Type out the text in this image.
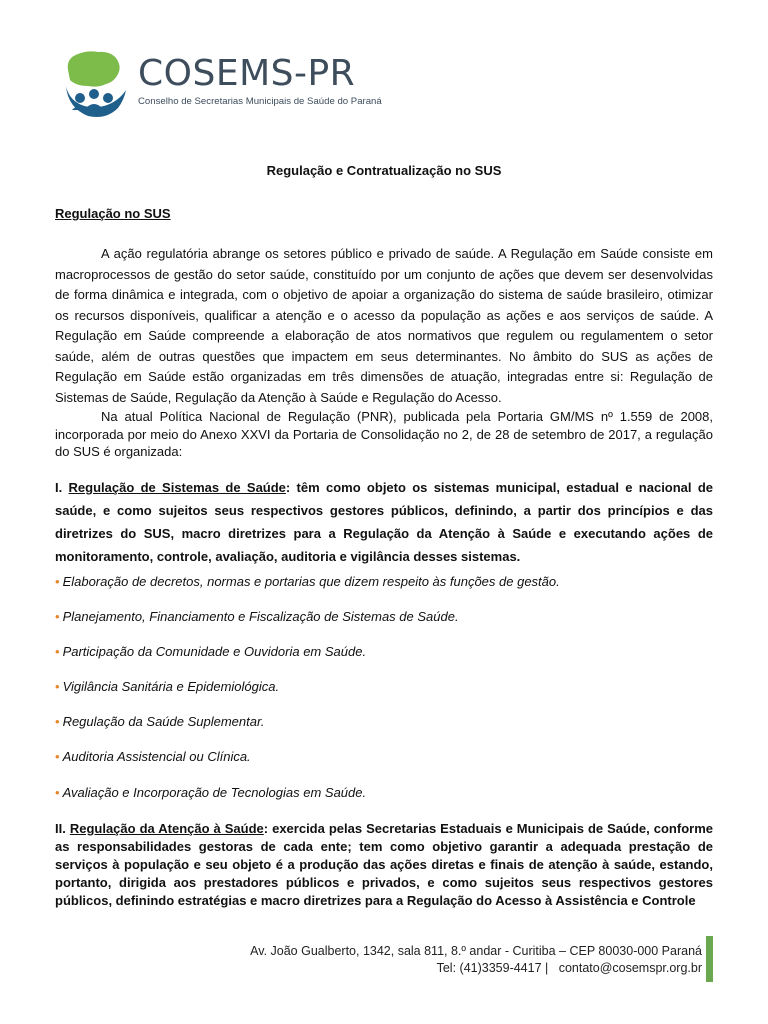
COSEMS-PR
Conselho de Secretarias Municipais de Saúde do Paraná
Regulação e Contratualização no SUS
Regulação no SUS

A ação regulatória abrange os setores público e privado de saúde. A Regulação em Saúde consiste em macroprocessos de gestão do setor saúde, constituído por um conjunto de ações que devem ser desenvolvidas de forma dinâmica e integrada, com o objetivo de apoiar a organização do sistema de saúde brasileiro, otimizar os recursos disponíveis, qualificar a atenção e o acesso da população as ações e aos serviços de saúde. A Regulação em Saúde compreende a elaboração de atos normativos que regulem ou regulamentem o setor saúde, além de outras questões que impactem em seus determinantes. No âmbito do SUS as ações de Regulação em Saúde estão organizadas em três dimensões de atuação, integradas entre si: Regulação de Sistemas de Saúde, Regulação da Atenção à Saúde e Regulação do Acesso.

Na atual Política Nacional de Regulação (PNR), publicada pela Portaria GM/MS nº 1.559 de 2008, incorporada por meio do Anexo XXVI da Portaria de Consolidação no 2, de 28 de setembro de 2017, a regulação do SUS é organizada:

I. Regulação de Sistemas de Saúde: têm como objeto os sistemas municipal, estadual e nacional de saúde, e como sujeitos seus respectivos gestores públicos, definindo, a partir dos princípios e das diretrizes do SUS, macro diretrizes para a Regulação da Atenção à Saúde e executando ações de monitoramento, controle, avaliação, auditoria e vigilância desses sistemas.

• Elaboração de decretos, normas e portarias que dizem respeito às funções de gestão.
• Planejamento, Financiamento e Fiscalização de Sistemas de Saúde.
• Participação da Comunidade e Ouvidoria em Saúde.
• Vigilância Sanitária e Epidemiológica.
• Regulação da Saúde Suplementar.
• Auditoria Assistencial ou Clínica.
• Avaliação e Incorporação de Tecnologias em Saúde.

II. Regulação da Atenção à Saúde: exercida pelas Secretarias Estaduais e Municipais de Saúde, conforme as responsabilidades gestoras de cada ente; tem como objetivo garantir a adequada prestação de serviços à população e seu objeto é a produção das ações diretas e finais de atenção à saúde, estando, portanto, dirigida aos prestadores públicos e privados, e como sujeitos seus respectivos gestores públicos, definindo estratégias e macro diretrizes para a Regulação do Acesso à Assistência e Controle

Av. João Gualberto, 1342, sala 811, 8.º andar - Curitiba – CEP 80030-000 Paraná
Tel: (41)3359-4417 |   contato@cosemspr.org.br
